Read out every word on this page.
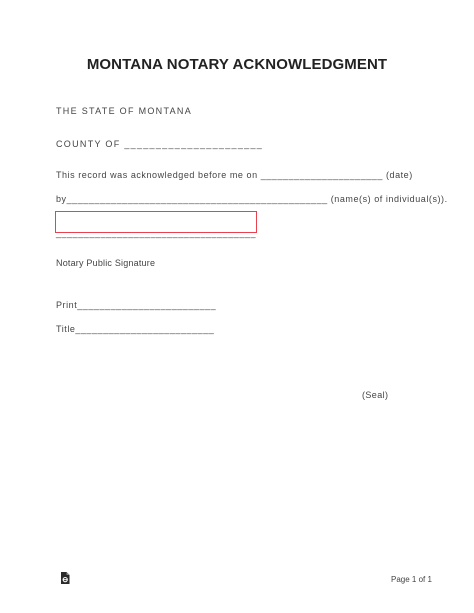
MONTANA NOTARY ACKNOWLEDGMENT
THE STATE OF MONTANA
COUNTY OF ______________________
This record was acknowledged before me on ______________________ (date)
by_______________________________________________ (name(s) of individual(s)).
____________________________________
Notary Public Signature
Print_________________________
Title_________________________
(Seal)
Page 1 of 1
